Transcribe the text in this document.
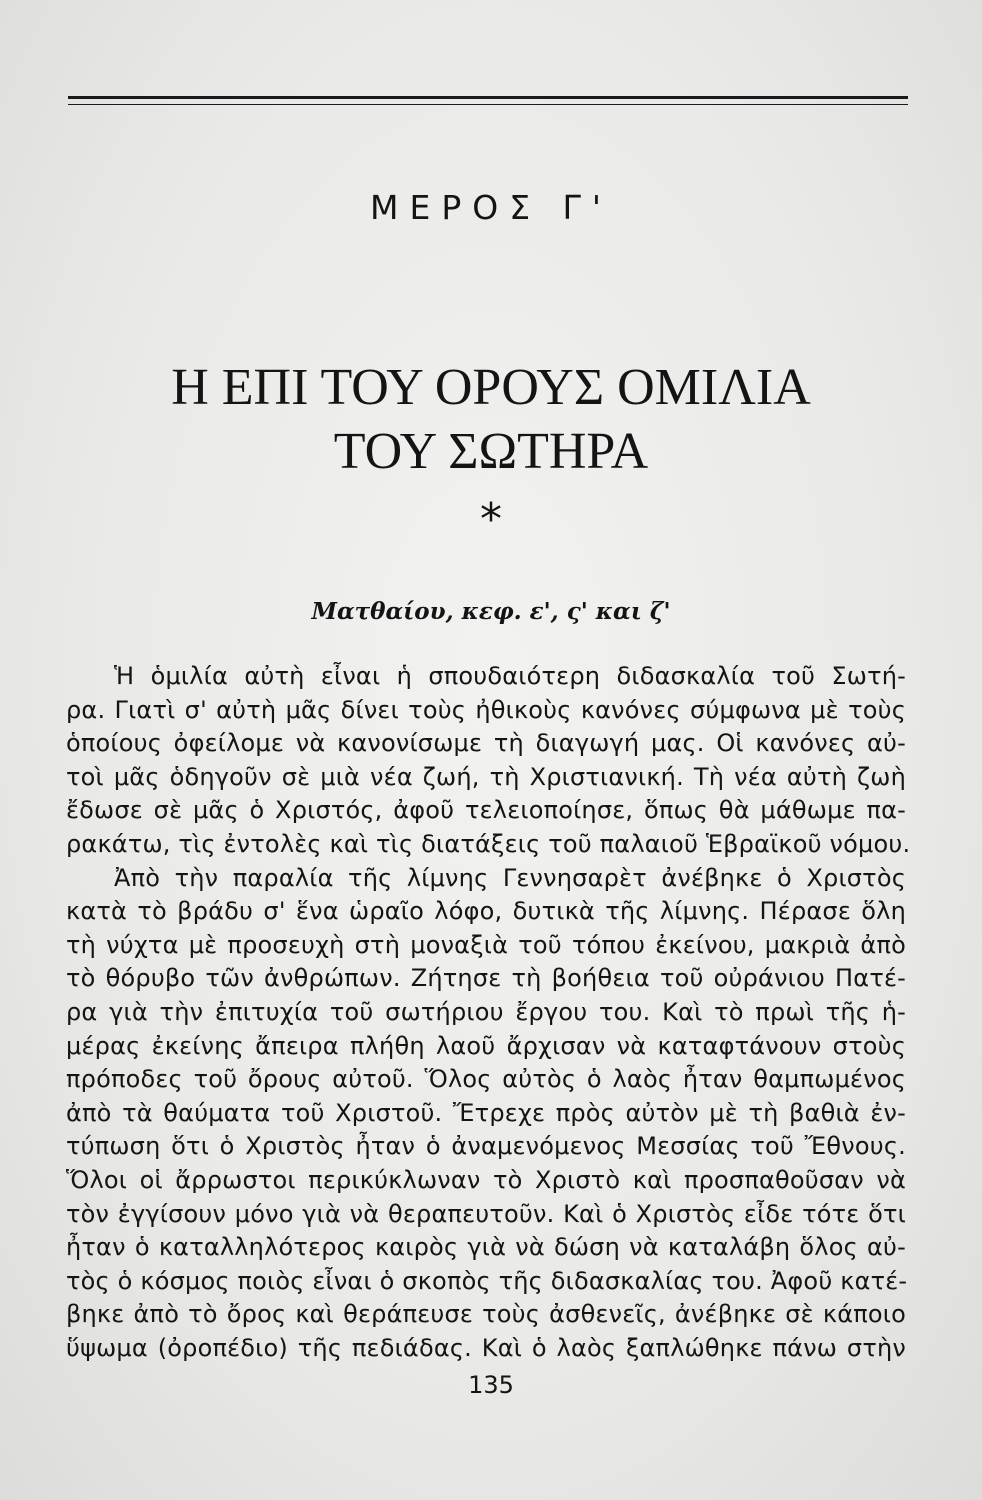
ΜΕΡΟΣ Γ'
Η ΕΠΙ ΤΟΥ ΟΡΟΥΣ ΟΜΙΛΙΑ
ΤΟΥ ΣΩΤΗΡΑ
*
Ματθαίου, κεφ. ε', ς' και ζ'
Ἡ ὁμιλία αὐτὴ εἶναι ἡ σπουδαιότερη διδασκαλία τοῦ Σωτή-
ρα. Γιατὶ σ' αὐτὴ μᾶς δίνει τοὺς ἠθικοὺς κανόνες σύμφωνα μὲ τοὺς
ὁποίους ὀφείλομε νὰ κανονίσωμε τὴ διαγωγή μας. Οἱ κανόνες αὐ-
τοὶ μᾶς ὁδηγοῦν σὲ μιὰ νέα ζωή, τὴ Χριστιανική. Τὴ νέα αὐτὴ ζωὴ
ἔδωσε σὲ μᾶς ὁ Χριστός, ἀφοῦ τελειοποίησε, ὅπως θὰ μάθωμε πα-
ρακάτω, τὶς ἐντολὲς καὶ τὶς διατάξεις τοῦ παλαιοῦ Ἑβραϊκοῦ νόμου.
Ἀπὸ τὴν παραλία τῆς λίμνης Γεννησαρὲτ ἀνέβηκε ὁ Χριστὸς
κατὰ τὸ βράδυ σ' ἕνα ὡραῖο λόφο, δυτικὰ τῆς λίμνης. Πέρασε ὅλη
τὴ νύχτα μὲ προσευχὴ στὴ μοναξιὰ τοῦ τόπου ἐκείνου, μακριὰ ἀπὸ
τὸ θόρυβο τῶν ἀνθρώπων. Ζήτησε τὴ βοήθεια τοῦ οὐράνιου Πατέ-
ρα γιὰ τὴν ἐπιτυχία τοῦ σωτήριου ἔργου του. Καὶ τὸ πρωὶ τῆς ἡ-
μέρας ἐκείνης ἄπειρα πλήθη λαοῦ ἄρχισαν νὰ καταφτάνουν στοὺς
πρόποδες τοῦ ὄρους αὐτοῦ. Ὅλος αὐτὸς ὁ λαὸς ἦταν θαμπωμένος
ἀπὸ τὰ θαύματα τοῦ Χριστοῦ. Ἔτρεχε πρὸς αὐτὸν μὲ τὴ βαθιὰ ἐν-
τύπωση ὅτι ὁ Χριστὸς ἦταν ὁ ἀναμενόμενος Μεσσίας τοῦ Ἔθνους.
Ὅλοι οἱ ἄρρωστοι περικύκλωναν τὸ Χριστὸ καὶ προσπαθοῦσαν νὰ
τὸν ἐγγίσουν μόνο γιὰ νὰ θεραπευτοῦν. Καὶ ὁ Χριστὸς εἶδε τότε ὅτι
ἦταν ὁ καταλληλότερος καιρὸς γιὰ νὰ δώση νὰ καταλάβη ὅλος αὐ-
τὸς ὁ κόσμος ποιὸς εἶναι ὁ σκοπὸς τῆς διδασκαλίας του. Ἀφοῦ κατέ-
βηκε ἀπὸ τὸ ὄρος καὶ θεράπευσε τοὺς ἀσθενεῖς, ἀνέβηκε σὲ κάποιο
ὕψωμα (ὀροπέδιο) τῆς πεδιάδας. Καὶ ὁ λαὸς ξαπλώθηκε πάνω στὴν
135
